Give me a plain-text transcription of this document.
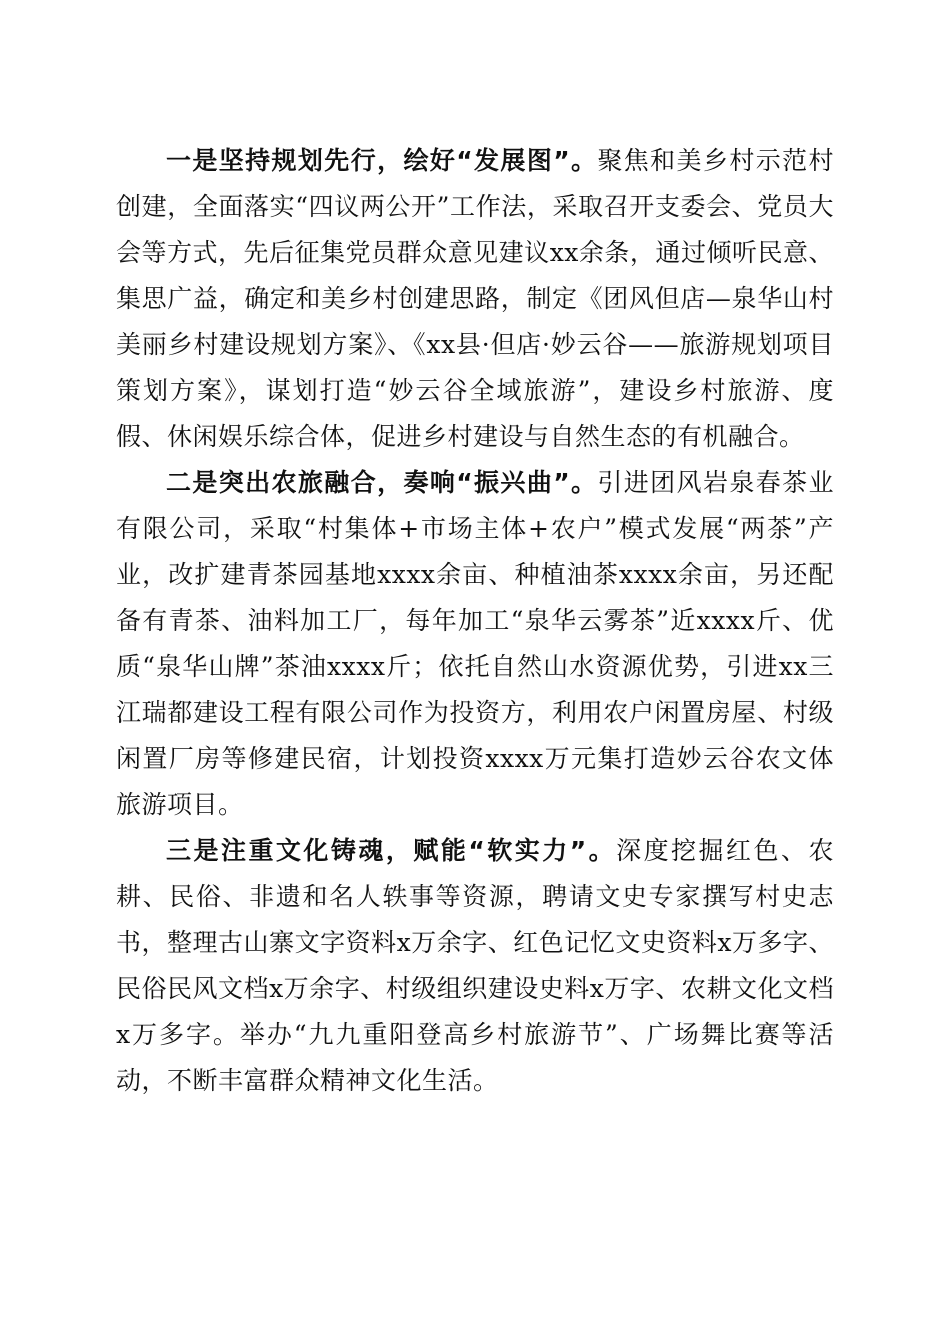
一是坚持规划先行，绘好“发展图”。聚焦和美乡村示范村创建，全面落实“四议两公开”工作法，采取召开支委会、党员大会等方式，先后征集党员群众意见建议xx余条，通过倾听民意、集思广益，确定和美乡村创建思路，制定《团风但店—泉华山村美丽乡村建设规划方案》、《xx县·但店·妙云谷——旅游规划项目策划方案》，谋划打造“妙云谷全域旅游”，建设乡村旅游、度假、休闲娱乐综合体，促进乡村建设与自然生态的有机融合。

二是突出农旅融合，奏响“振兴曲”。引进团风岩泉春茶业有限公司，采取“村集体+市场主体+农户”模式发展“两茶”产业，改扩建青茶园基地xxxx余亩、种植油茶xxxx余亩，另还配备有青茶、油料加工厂，每年加工“泉华云雾茶”近xxxx斤、优质“泉华山牌”茶油xxxx斤；依托自然山水资源优势，引进xx三江瑞都建设工程有限公司作为投资方，利用农户闲置房屋、村级闲置厂房等修建民宿，计划投资xxxx万元集打造妙云谷农文体旅游项目。

三是注重文化铸魂，赋能“软实力”。深度挖掘红色、农耕、民俗、非遗和名人轶事等资源，聘请文史专家撰写村史志书，整理古山寨文字资料x万余字、红色记忆文史资料x万多字、民俗民风文档x万余字、村级组织建设史料x万字、农耕文化文档x万多字。举办“九九重阳登高乡村旅游节”、广场舞比赛等活动，不断丰富群众精神文化生活。
